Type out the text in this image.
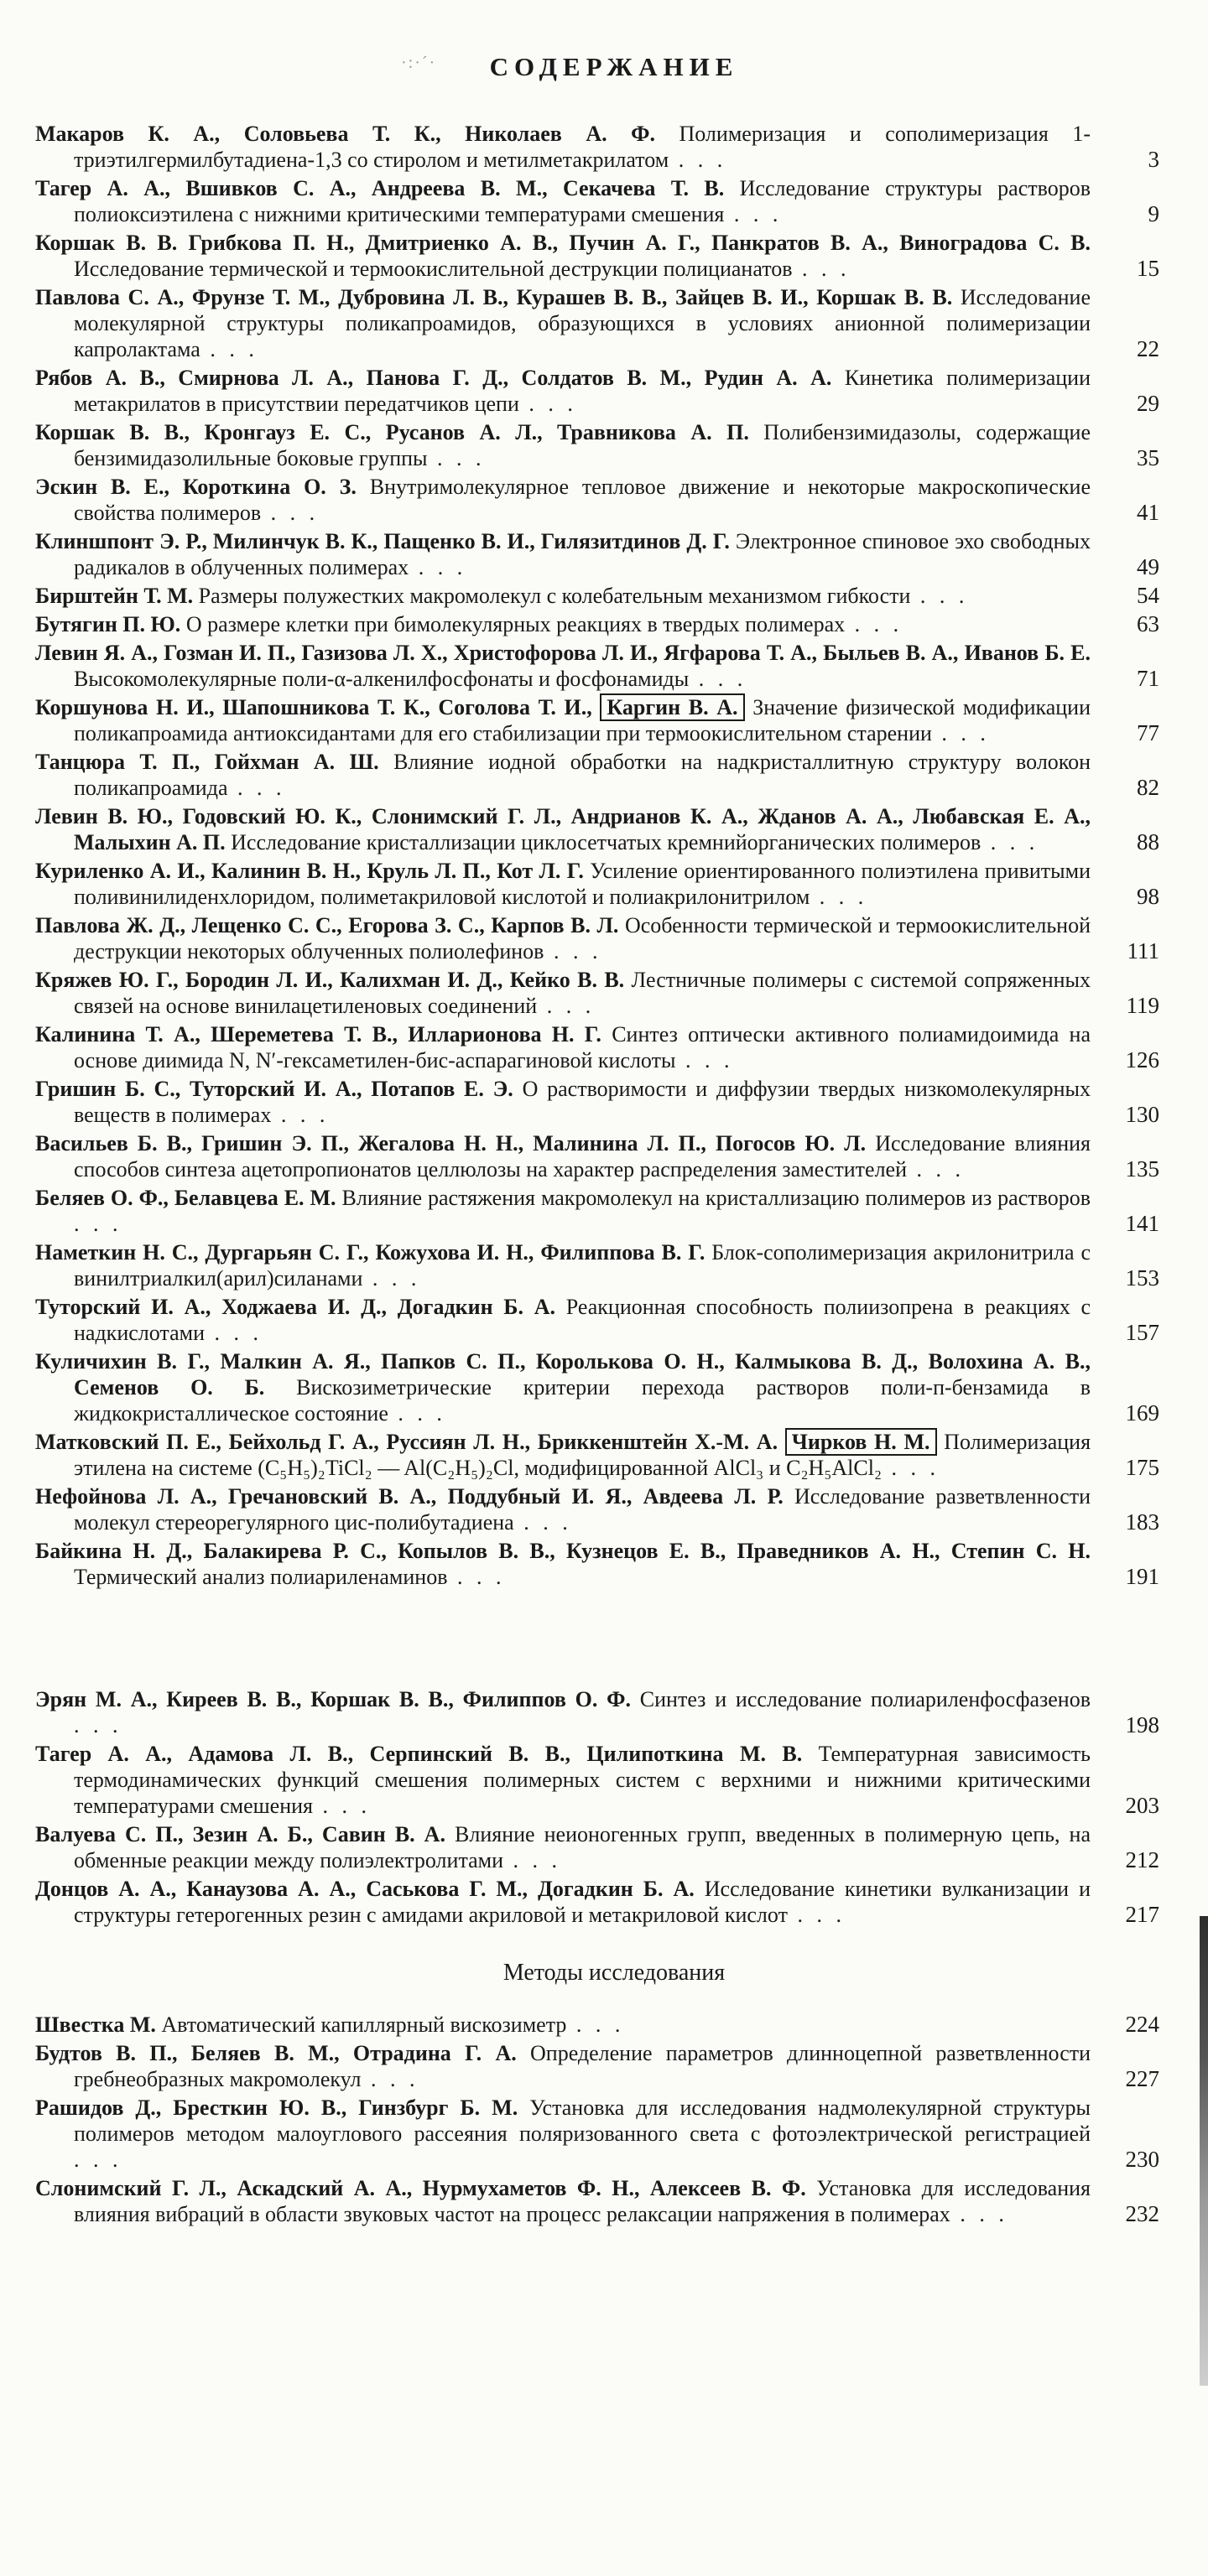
·:·´·	СОДЕРЖАНИЕ
Макаров К. А., Соловьева Т. К., Николаев А. Ф. Полимеризация и сополимеризация 1-триэтилгермилбутадиена-1,3 со стиролом и метилметакрилатом . . .	3
Тагер А. А., Вшивков С. А., Андреева В. М., Секачева Т. В. Исследование структуры растворов полиоксиэтилена с нижними критическими температурами смешения . . .	9
Коршак В. В. Грибкова П. Н., Дмитриенко А. В., Пучин А. Г., Панкратов В. А., Виноградова С. В. Исследование термической и термоокислительной деструкции полицианатов . . .	15
Павлова С. А., Фрунзе Т. М., Дубровина Л. В., Курашев В. В., Зайцев В. И., Коршак В. В. Исследование молекулярной структуры поликапроамидов, образующихся в условиях анионной полимеризации капролактама . . .	22
Рябов А. В., Смирнова Л. А., Панова Г. Д., Солдатов В. М., Рудин А. А. Кинетика полимеризации метакрилатов в присутствии передатчиков цепи . . .	29
Коршак В. В., Кронгауз Е. С., Русанов А. Л., Травникова А. П. Полибензимидазолы, содержащие бензимидазолильные боковые группы . . .	35
Эскин В. Е., Короткина О. З. Внутримолекулярное тепловое движение и некоторые макроскопические свойства полимеров . . .	41
Клиншпонт Э. Р., Милинчук В. К., Пащенко В. И., Гилязитдинов Д. Г. Электронное спиновое эхо свободных радикалов в облученных полимерах . . .	49
Бирштейн Т. М. Размеры полужестких макромолекул с колебательным механизмом гибкости . . .	54
Бутягин П. Ю. О размере клетки при бимолекулярных реакциях в твердых полимерах . . .	63
Левин Я. А., Гозман И. П., Газизова Л. Х., Христофорова Л. И., Ягфарова Т. А., Быльев В. А., Иванов Б. Е. Высокомолекулярные поли-α-алкенилфосфонаты и фосфонамиды . . .	71
Коршунова Н. И., Шапошникова Т. К., Соголова Т. И., Каргин В. А. Значение физической модификации поликапроамида антиоксидантами для его стабилизации при термоокислительном старении . . .	77
Танцюра Т. П., Гойхман А. Ш. Влияние иодной обработки на надкристаллитную структуру волокон поликапроамида . . .	82
Левин В. Ю., Годовский Ю. К., Слонимский Г. Л., Андрианов К. А., Жданов А. А., Любавская Е. А., Малыхин А. П. Исследование кристаллизации циклосетчатых кремнийорганических полимеров . . .	88
Куриленко А. И., Калинин В. Н., Круль Л. П., Кот Л. Г. Усиление ориентированного полиэтилена привитыми поливинилиденхлоридом, полиметакриловой кислотой и полиакрилонитрилом . . .	98
Павлова Ж. Д., Лещенко С. С., Егорова З. С., Карпов В. Л. Особенности термической и термоокислительной деструкции некоторых облученных полиолефинов . . .	111
Кряжев Ю. Г., Бородин Л. И., Калихман И. Д., Кейко В. В. Лестничные полимеры с системой сопряженных связей на основе винилацетиленовых соединений . . .	119
Калинина Т. А., Шереметева Т. В., Илларионова Н. Г. Синтез оптически активного полиамидоимида на основе диимида N, N′-гексаметилен-бис-аспарагиновой кислоты . . .	126
Гришин Б. С., Туторский И. А., Потапов Е. Э. О растворимости и диффузии твердых низкомолекулярных веществ в полимерах . . .	130
Васильев Б. В., Гришин Э. П., Жегалова Н. Н., Малинина Л. П., Погосов Ю. Л. Исследование влияния способов синтеза ацетопропионатов целлюлозы на характер распределения заместителей . . .	135
Беляев О. Ф., Белавцева Е. М. Влияние растяжения макромолекул на кристаллизацию полимеров из растворов . . .	141
Наметкин Н. С., Дургарьян С. Г., Кожухова И. Н., Филиппова В. Г. Блок-сополимеризация акрилонитрила с винилтриалкил(арил)силанами . . .	153
Туторский И. А., Ходжаева И. Д., Догадкин Б. А. Реакционная способность полиизопрена в реакциях с надкислотами . . .	157
Куличихин В. Г., Малкин А. Я., Папков С. П., Королькова О. Н., Калмыкова В. Д., Волохина А. В., Семенов О. Б. Вискозиметрические критерии перехода растворов поли-п-бензамида в жидкокристаллическое состояние . . .	169
Матковский П. Е., Бейхольд Г. А., Руссиян Л. Н., Бриккенштейн Х.-М. А. Чирков Н. М. Полимеризация этилена на системе (C₅H₅)₂TiCl₂ — Al(C₂H₅)₂Cl, модифицированной AlCl₃ и C₂H₅AlCl₂ . . .	175
Нефойнова Л. А., Гречановский В. А., Поддубный И. Я., Авдеева Л. Р. Исследование разветвленности молекул стереорегулярного цис-полибутадиена . . .	183
Байкина Н. Д., Балакирева Р. С., Копылов В. В., Кузнецов Е. В., Праведников А. Н., Степин С. Н. Термический анализ полиариленаминов . . .	191
Эрян М. А., Киреев В. В., Коршак В. В., Филиппов О. Ф. Синтез и исследование полиариленфосфазенов . . .	198
Тагер А. А., Адамова Л. В., Серпинский В. В., Цилипоткина М. В. Температурная зависимость термодинамических функций смешения полимерных систем с верхними и нижними критическими температурами смешения . . .	203
Валуева С. П., Зезин А. Б., Савин В. А. Влияние неионогенных групп, введенных в полимерную цепь, на обменные реакции между полиэлектролитами . . .	212
Донцов А. А., Канаузова А. А., Саськова Г. М., Догадкин Б. А. Исследование кинетики вулканизации и структуры гетерогенных резин с амидами акриловой и метакриловой кислот . . .	217
Методы исследования
Швестка М. Автоматический капиллярный вискозиметр . . .	224
Будтов В. П., Беляев В. М., Отрадина Г. А. Определение параметров длинноцепной разветвленности гребнеобразных макромолекул . . .	227
Рашидов Д., Бресткин Ю. В., Гинзбург Б. М. Установка для исследования надмолекулярной структуры полимеров методом малоуглового рассеяния поляризованного света с фотоэлектрической регистрацией . . .	230
Слонимский Г. Л., Аскадский А. А., Нурмухаметов Ф. Н., Алексеев В. Ф. Установка для исследования влияния вибраций в области звуковых частот на процесс релаксации напряжения в полимерах . . .	232
